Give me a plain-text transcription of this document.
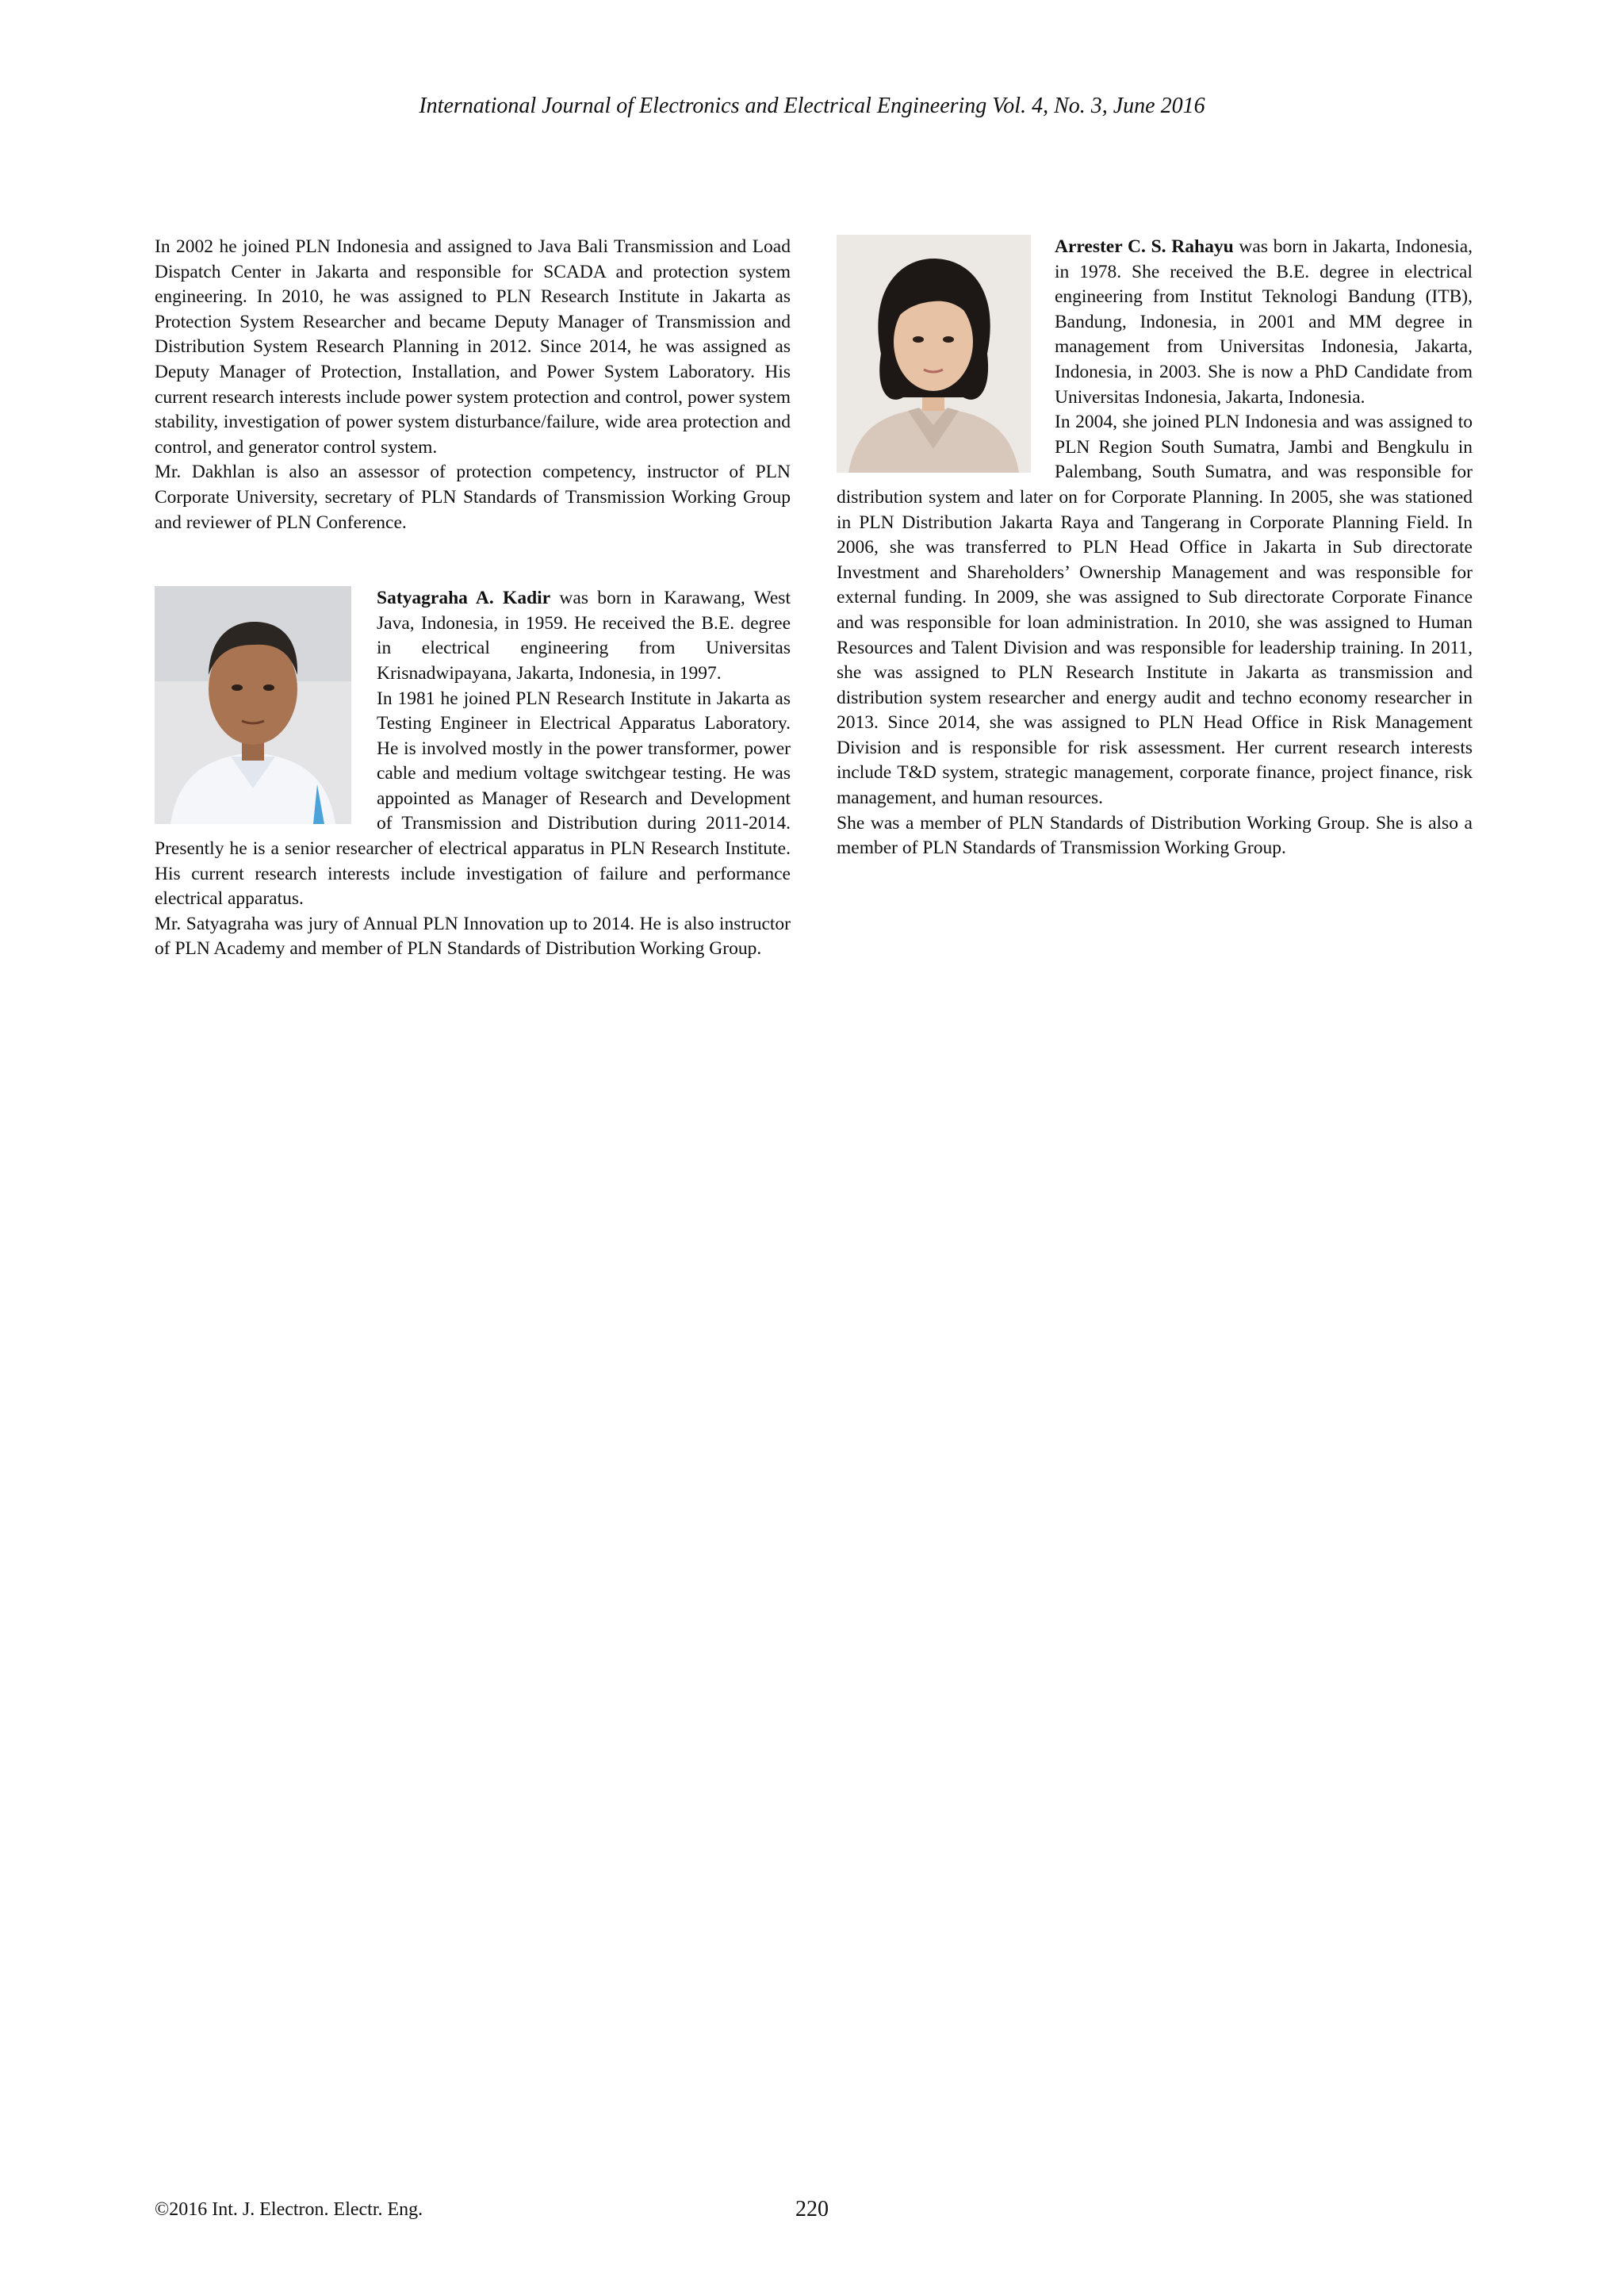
International Journal of Electronics and Electrical Engineering Vol. 4, No. 3, June 2016

In 2002 he joined PLN Indonesia and assigned to Java Bali Transmission and Load Dispatch Center in Jakarta and responsible for SCADA and protection system engineering. In 2010, he was assigned to PLN Research Institute in Jakarta as Protection System Researcher and became Deputy Manager of Transmission and Distribution System Research Planning in 2012. Since 2014, he was assigned as Deputy Manager of Protection, Installation, and Power System Laboratory. His current research interests include power system protection and control, power system stability, investigation of power system disturbance/failure, wide area protection and control, and generator control system.

Mr. Dakhlan is also an assessor of protection competency, instructor of PLN Corporate University, secretary of PLN Standards of Transmission Working Group and reviewer of PLN Conference.

Satyagraha A. Kadir was born in Karawang, West Java, Indonesia, in 1959. He received the B.E. degree in electrical engineering from Universitas Krisnadwipayana, Jakarta, Indonesia, in 1997.

In 1981 he joined PLN Research Institute in Jakarta as Testing Engineer in Electrical Apparatus Laboratory. He is involved mostly in the power transformer, power cable and medium voltage switchgear testing. He was appointed as Manager of Research and Development of Transmission and Distribution during 2011-2014. Presently he is a senior researcher of electrical apparatus in PLN Research Institute. His current research interests include investigation of failure and performance electrical apparatus.

Mr. Satyagraha was jury of Annual PLN Innovation up to 2014. He is also instructor of PLN Academy and member of PLN Standards of Distribution Working Group.

Arrester C. S. Rahayu was born in Jakarta, Indonesia, in 1978. She received the B.E. degree in electrical engineering from Institut Teknologi Bandung (ITB), Bandung, Indonesia, in 2001 and MM degree in management from Universitas Indonesia, Jakarta, Indonesia, in 2003. She is now a PhD Candidate from Universitas Indonesia, Jakarta, Indonesia.

In 2004, she joined PLN Indonesia and was assigned to PLN Region South Sumatra, Jambi and Bengkulu in Palembang, South Sumatra, and was responsible for distribution system and later on for Corporate Planning. In 2005, she was stationed in PLN Distribution Jakarta Raya and Tangerang in Corporate Planning Field. In 2006, she was transferred to PLN Head Office in Jakarta in Sub directorate Investment and Shareholders’ Ownership Management and was responsible for external funding. In 2009, she was assigned to Sub directorate Corporate Finance and was responsible for loan administration. In 2010, she was assigned to Human Resources and Talent Division and was responsible for leadership training. In 2011, she was assigned to PLN Research Institute in Jakarta as transmission and distribution system researcher and energy audit and techno economy researcher in 2013. Since 2014, she was assigned to PLN Head Office in Risk Management Division and is responsible for risk assessment. Her current research interests include T&D system, strategic management, corporate finance, project finance, risk management, and human resources.

She was a member of PLN Standards of Distribution Working Group. She is also a member of PLN Standards of Transmission Working Group.

©2016 Int. J. Electron. Electr. Eng.	220
